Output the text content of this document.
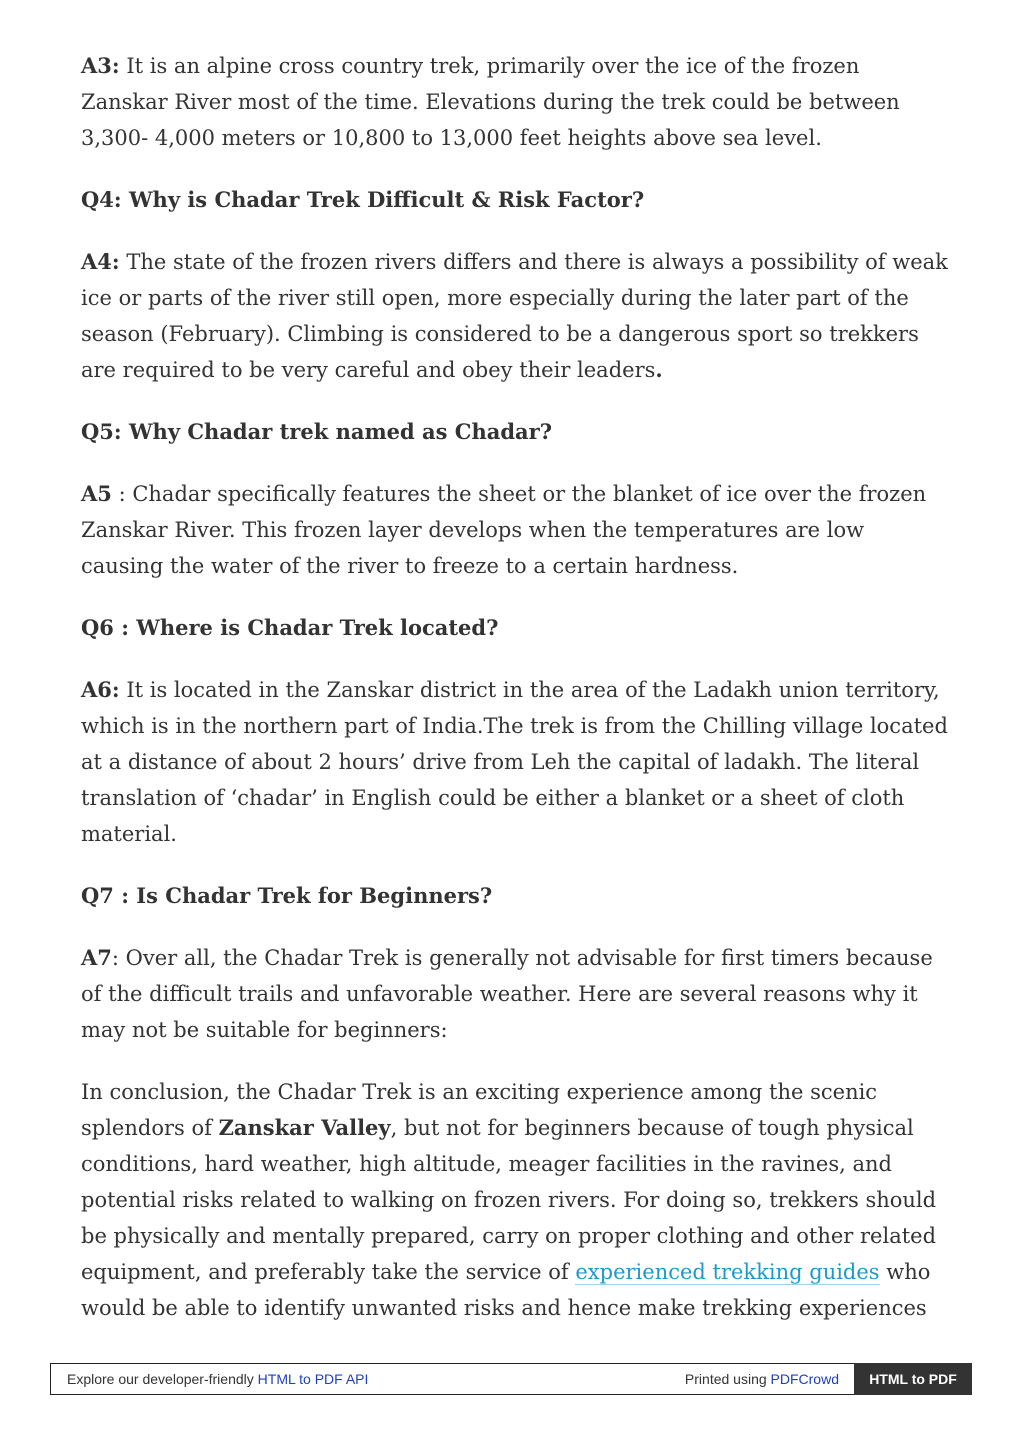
A3: It is an alpine cross country trek, primarily over the ice of the frozen Zanskar River most of the time. Elevations during the trek could be between 3,300- 4,000 meters or 10,800 to 13,000 feet heights above sea level.

Q4: Why is Chadar Trek Difficult & Risk Factor?

A4: The state of the frozen rivers differs and there is always a possibility of weak ice or parts of the river still open, more especially during the later part of the season (February). Climbing is considered to be a dangerous sport so trekkers are required to be very careful and obey their leaders.

Q5: Why Chadar trek named as Chadar?

A5 : Chadar specifically features the sheet or the blanket of ice over the frozen Zanskar River. This frozen layer develops when the temperatures are low causing the water of the river to freeze to a certain hardness.

Q6 : Where is Chadar Trek located?

A6: It is located in the Zanskar district in the area of the Ladakh union territory, which is in the northern part of India.The trek is from the Chilling village located at a distance of about 2 hours’ drive from Leh the capital of ladakh. The literal translation of ‘chadar’ in English could be either a blanket or a sheet of cloth material.

Q7 : Is Chadar Trek for Beginners?

A7: Over all, the Chadar Trek is generally not advisable for first timers because of the difficult trails and unfavorable weather. Here are several reasons why it may not be suitable for beginners:

In conclusion, the Chadar Trek is an exciting experience among the scenic splendors of Zanskar Valley, but not for beginners because of tough physical conditions, hard weather, high altitude, meager facilities in the ravines, and potential risks related to walking on frozen rivers. For doing so, trekkers should be physically and mentally prepared, carry on proper clothing and other related equipment, and preferably take the service of experienced trekking guides who would be able to identify unwanted risks and hence make trekking experiences

Explore our developer-friendly HTML to PDF API	Printed using PDFCrowd	HTML to PDF
